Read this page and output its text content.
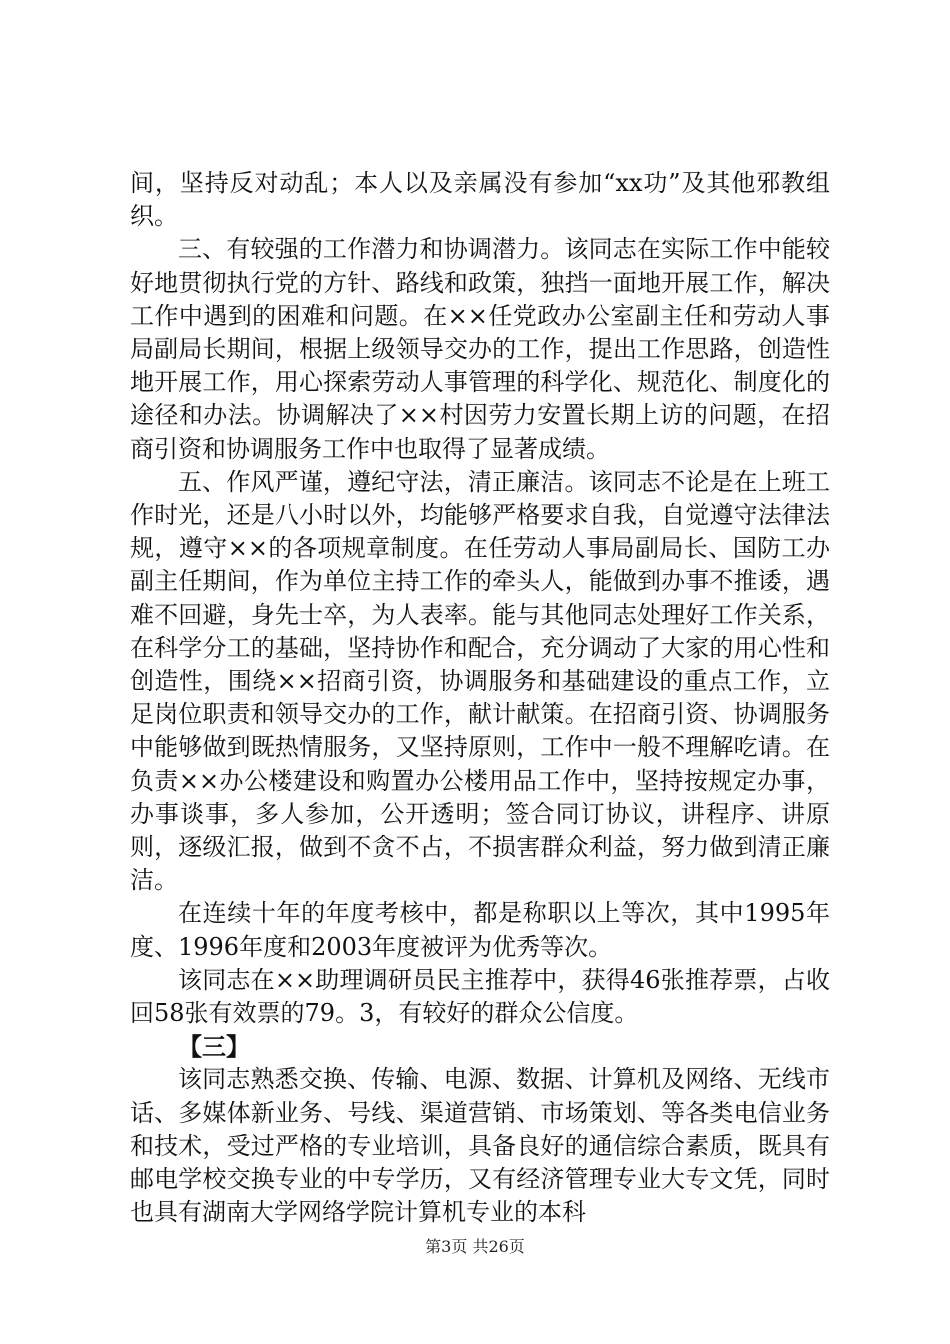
间，坚持反对动乱；本人以及亲属没有参加“xx功”及其他邪教组织。

三、有较强的工作潜力和协调潜力。该同志在实际工作中能较好地贯彻执行党的方针、路线和政策，独挡一面地开展工作，解决工作中遇到的困难和问题。在××任党政办公室副主任和劳动人事局副局长期间，根据上级领导交办的工作，提出工作思路，创造性地开展工作，用心探索劳动人事管理的科学化、规范化、制度化的途径和办法。协调解决了××村因劳力安置长期上访的问题，在招商引资和协调服务工作中也取得了显著成绩。

五、作风严谨，遵纪守法，清正廉洁。该同志不论是在上班工作时光，还是八小时以外，均能够严格要求自我，自觉遵守法律法规，遵守××的各项规章制度。在任劳动人事局副局长、国防工办副主任期间，作为单位主持工作的牵头人，能做到办事不推诿，遇难不回避，身先士卒，为人表率。能与其他同志处理好工作关系，在科学分工的基础，坚持协作和配合，充分调动了大家的用心性和创造性，围绕××招商引资，协调服务和基础建设的重点工作，立足岗位职责和领导交办的工作，献计献策。在招商引资、协调服务中能够做到既热情服务，又坚持原则，工作中一般不理解吃请。在负责××办公楼建设和购置办公楼用品工作中，坚持按规定办事，办事谈事，多人参加，公开透明；签合同订协议，讲程序、讲原则，逐级汇报，做到不贪不占，不损害群众利益，努力做到清正廉洁。

在连续十年的年度考核中，都是称职以上等次，其中1995年度、1996年度和2003年度被评为优秀等次。

该同志在××助理调研员民主推荐中，获得46张推荐票，占收回58张有效票的79。3，有较好的群众公信度。

【三】

该同志熟悉交换、传输、电源、数据、计算机及网络、无线市话、多媒体新业务、号线、渠道营销、市场策划、等各类电信业务和技术，受过严格的专业培训，具备良好的通信综合素质，既具有邮电学校交换专业的中专学历，又有经济管理专业大专文凭，同时也具有湖南大学网络学院计算机专业的本科

第3页 共26页
